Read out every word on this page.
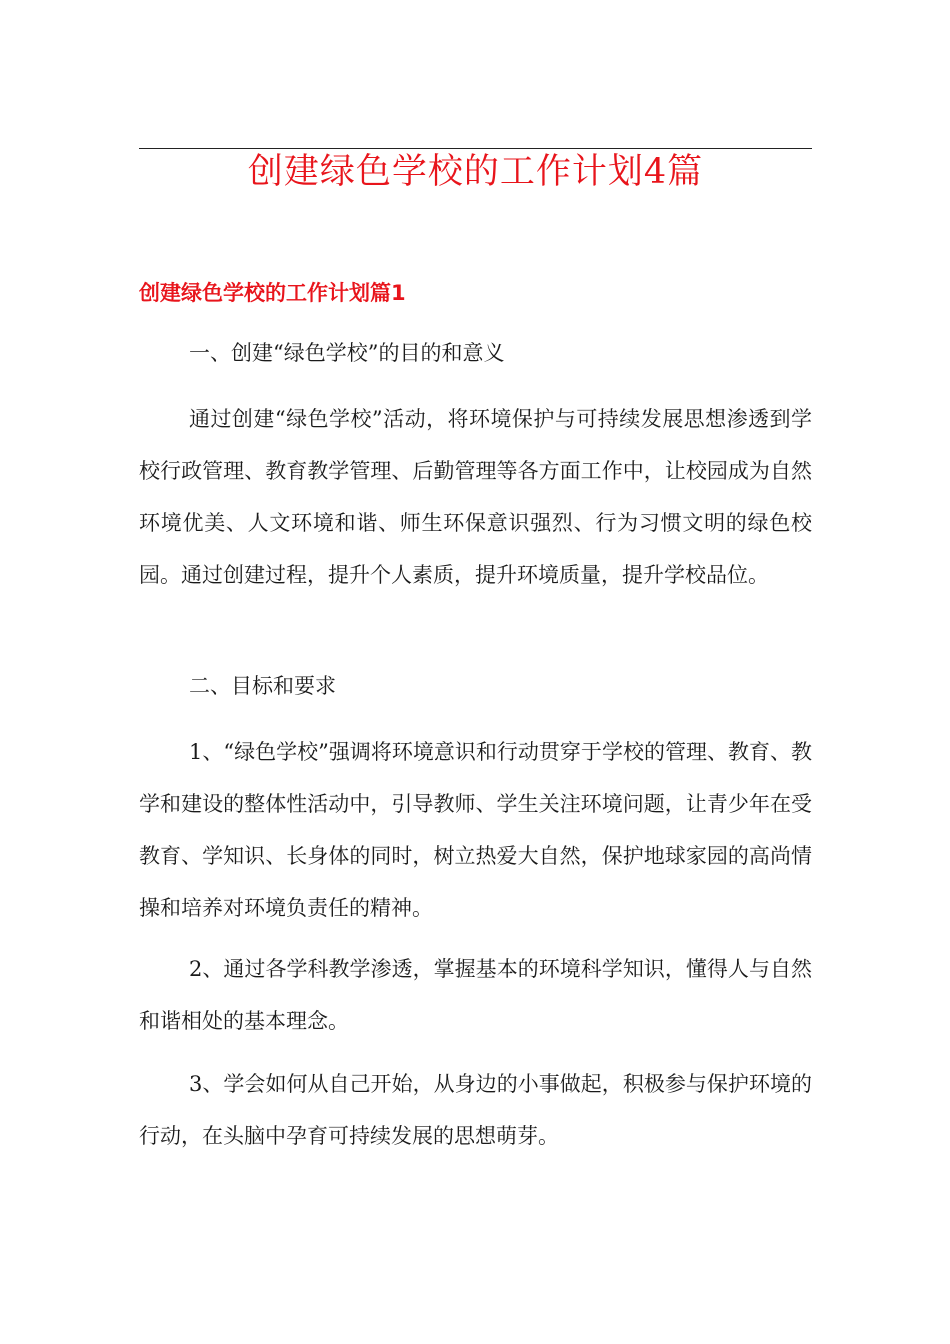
创建绿色学校的工作计划4篇
创建绿色学校的工作计划篇1

一、创建“绿色学校”的目的和意义

通过创建“绿色学校”活动，将环境保护与可持续发展思想渗透到学校行政管理、教育教学管理、后勤管理等各方面工作中，让校园成为自然环境优美、人文环境和谐、师生环保意识强烈、行为习惯文明的绿色校园。通过创建过程，提升个人素质，提升环境质量，提升学校品位。

二、目标和要求

1、“绿色学校”强调将环境意识和行动贯穿于学校的管理、教育、教学和建设的整体性活动中，引导教师、学生关注环境问题，让青少年在受教育、学知识、长身体的同时，树立热爱大自然，保护地球家园的高尚情操和培养对环境负责任的精神。

2、通过各学科教学渗透，掌握基本的环境科学知识，懂得人与自然和谐相处的基本理念。

3、学会如何从自己开始，从身边的小事做起，积极参与保护环境的行动，在头脑中孕育可持续发展的思想萌芽。
